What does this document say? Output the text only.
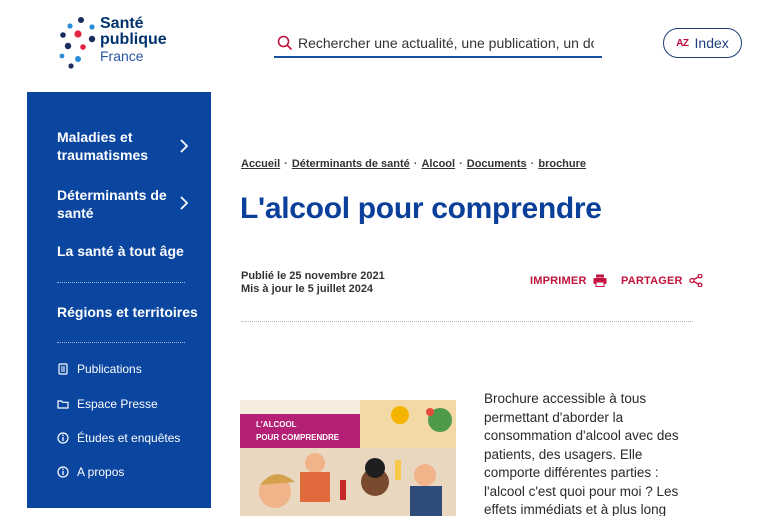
Santé
publique
France
Rechercher une actualité, une publication, un document...
AZ Index
Maladies et traumatismes
Déterminants de santé
La santé à tout âge
Régions et territoires
Publications
Espace Presse
Études et enquêtes
A propos
Accueil · Déterminants de santé · Alcool · Documents · brochure
L'alcool pour comprendre
Publié le 25 novembre 2021
Mis à jour le 5 juillet 2024
IMPRIMER	PARTAGER
L'ALCOOL
POUR COMPRENDRE

Brochure accessible à tous permettant d'aborder la consommation d'alcool avec des patients, des usagers. Elle comporte différentes parties : l'alcool c'est quoi pour moi ? Les effets immédiats et à plus long
